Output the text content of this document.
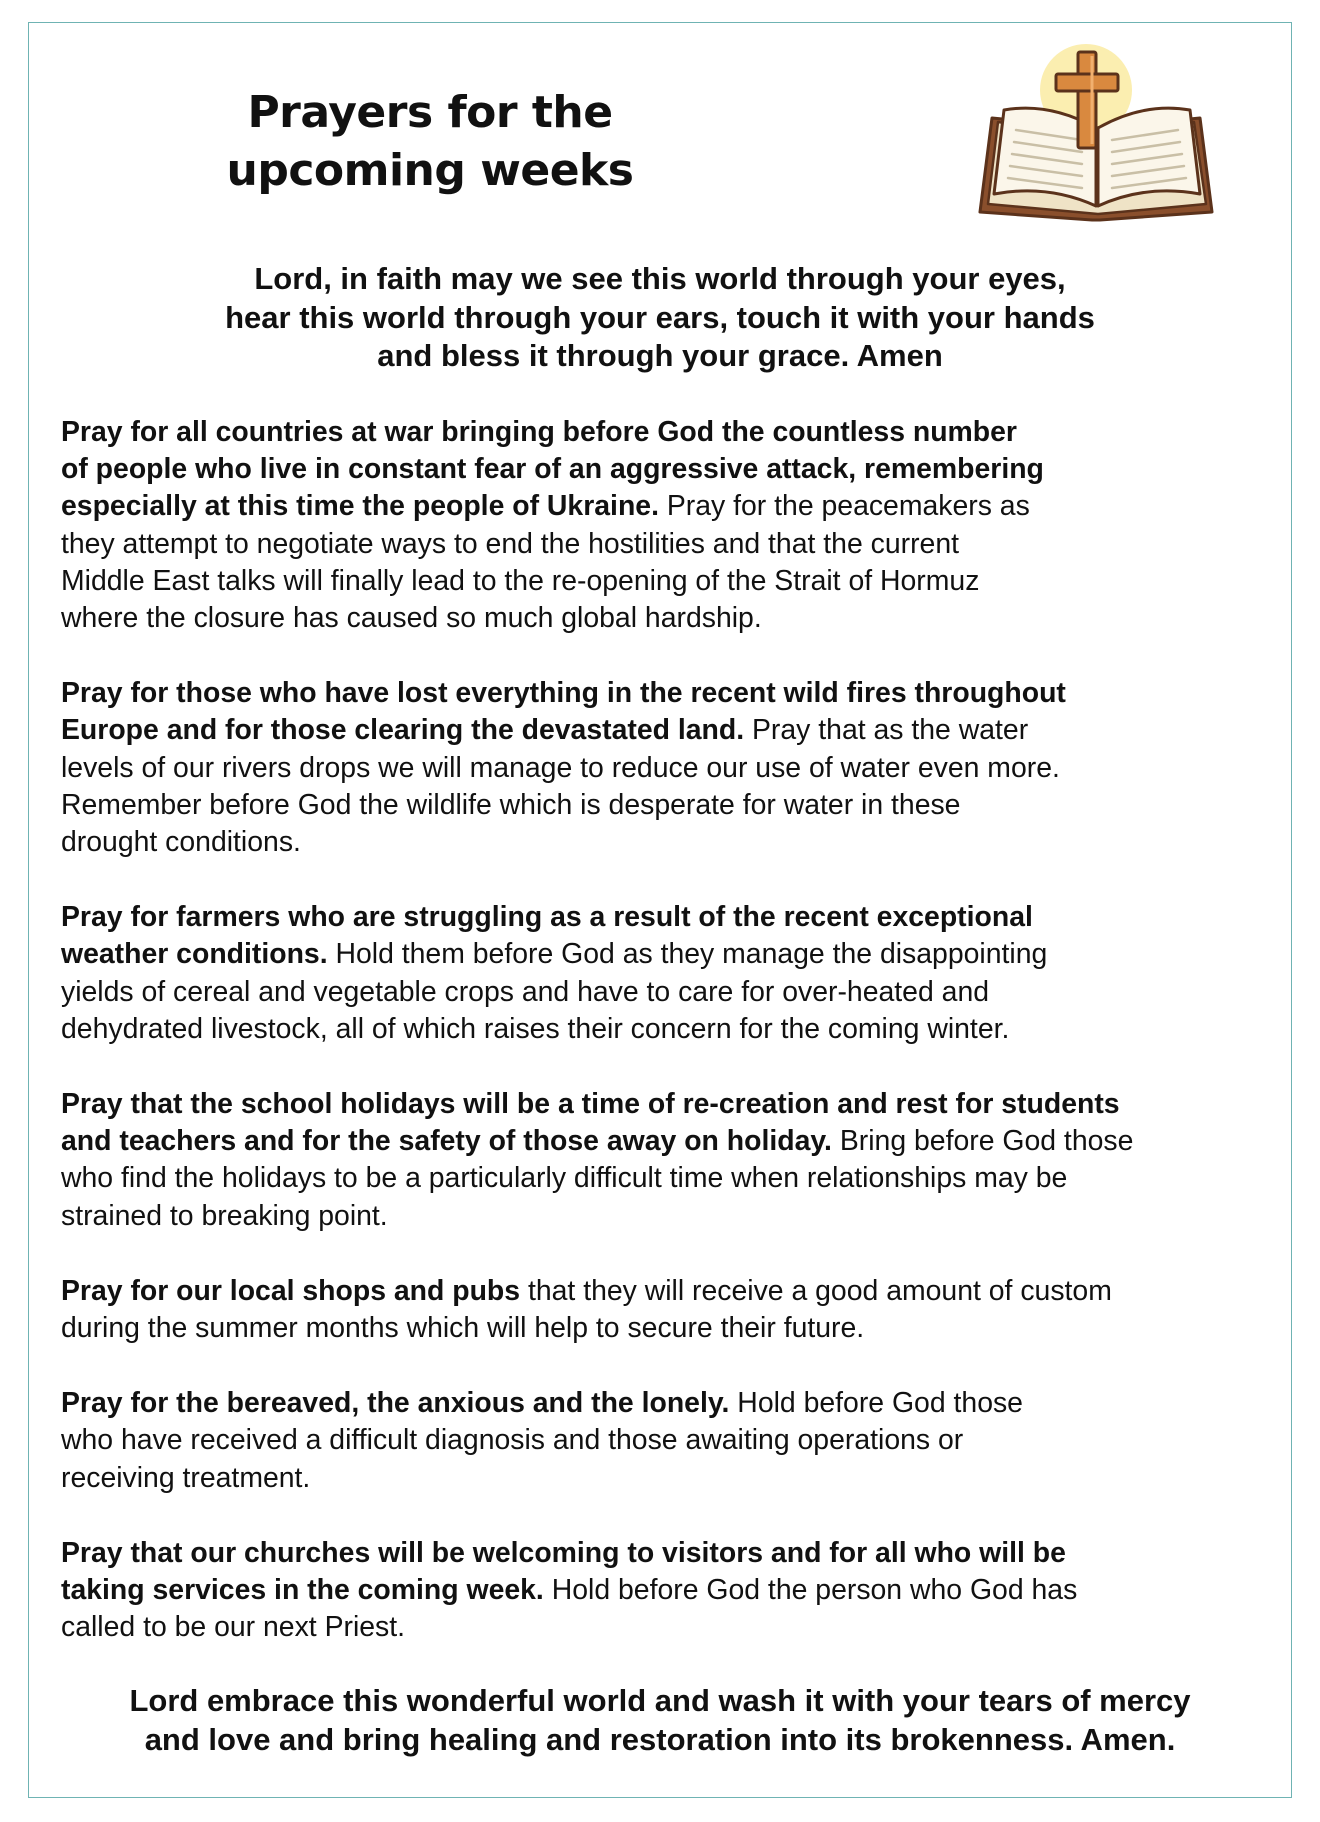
Prayers for the
upcoming weeks

Lord, in faith may we see this world through your eyes,
hear this world through your ears, touch it with your hands
and bless it through your grace. Amen

Pray for all countries at war bringing before God the countless number
of people who live in constant fear of an aggressive attack, remembering
especially at this time the people of Ukraine. Pray for the peacemakers as
they attempt to negotiate ways to end the hostilities and that the current
Middle East talks will finally lead to the re-opening of the Strait of Hormuz
where the closure has caused so much global hardship.

Pray for those who have lost everything in the recent wild fires throughout
Europe and for those clearing the devastated land. Pray that as the water
levels of our rivers drops we will manage to reduce our use of water even more.
Remember before God the wildlife which is desperate for water in these
drought conditions.

Pray for farmers who are struggling as a result of the recent exceptional
weather conditions. Hold them before God as they manage the disappointing
yields of cereal and vegetable crops and have to care for over-heated and
dehydrated livestock, all of which raises their concern for the coming winter.

Pray that the school holidays will be a time of re-creation and rest for students
and teachers and for the safety of those away on holiday. Bring before God those
who find the holidays to be a particularly difficult time when relationships may be
strained to breaking point.

Pray for our local shops and pubs that they will receive a good amount of custom
during the summer months which will help to secure their future.

Pray for the bereaved, the anxious and the lonely. Hold before God those
who have received a difficult diagnosis and those awaiting operations or
receiving treatment.

Pray that our churches will be welcoming to visitors and for all who will be
taking services in the coming week. Hold before God the person who God has
called to be our next Priest.

Lord embrace this wonderful world and wash it with your tears of mercy
and love and bring healing and restoration into its brokenness. Amen.
